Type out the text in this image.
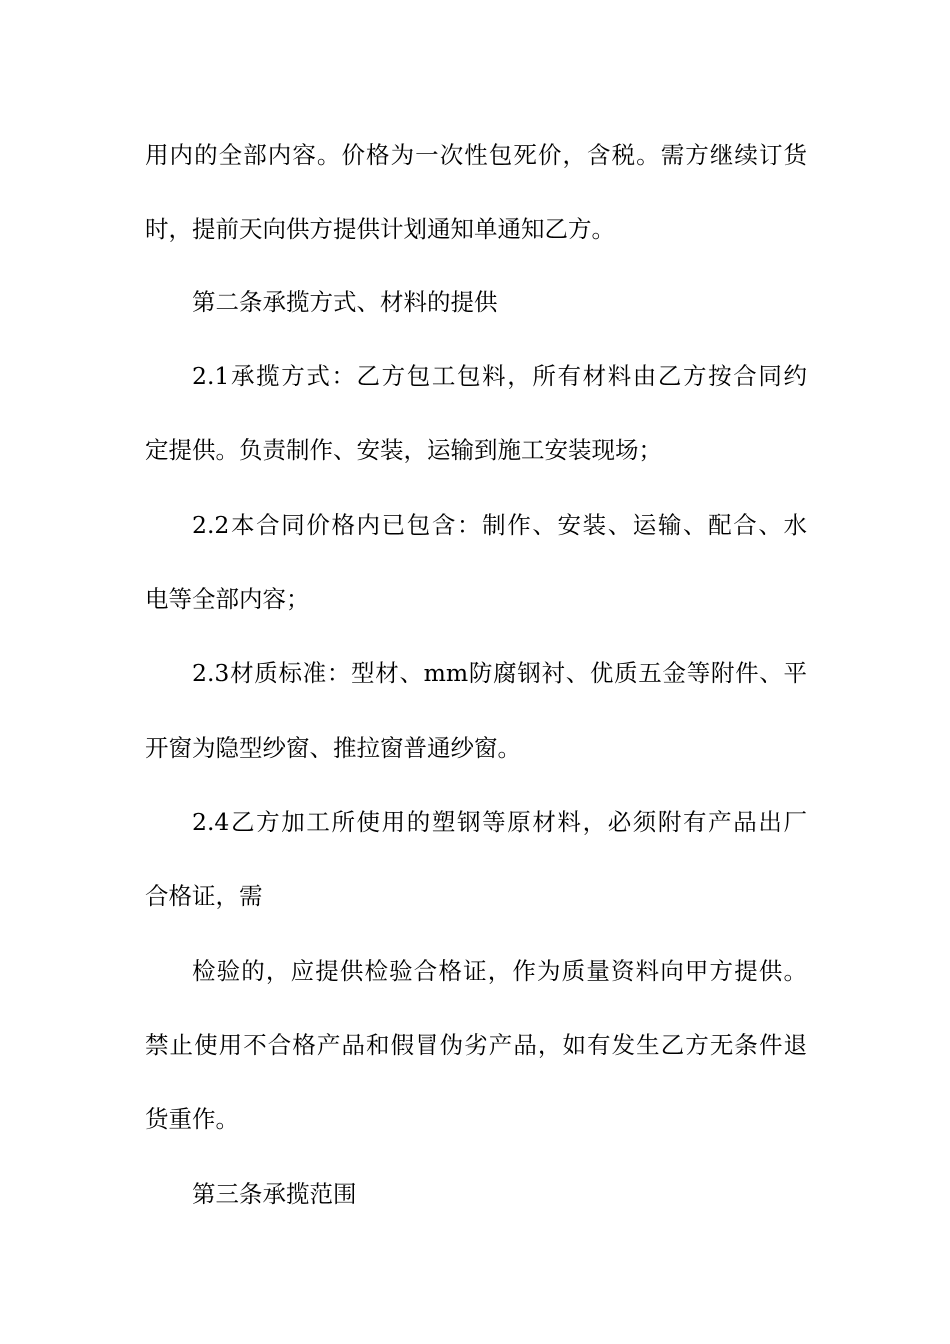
用内的全部内容。价格为一次性包死价，含税。需方继续订货
时，提前天向供方提供计划通知单通知乙方。
第二条承揽方式、材料的提供
2.1承揽方式：乙方包工包料，所有材料由乙方按合同约
定提供。负责制作、安装，运输到施工安装现场；
2.2本合同价格内已包含：制作、安装、运输、配合、水
电等全部内容；
2.3材质标准：型材、mm防腐钢衬、优质五金等附件、平
开窗为隐型纱窗、推拉窗普通纱窗。
2.4乙方加工所使用的塑钢等原材料，必须附有产品出厂
合格证，需
检验的，应提供检验合格证，作为质量资料向甲方提供。
禁止使用不合格产品和假冒伪劣产品，如有发生乙方无条件退
货重作。
第三条承揽范围
